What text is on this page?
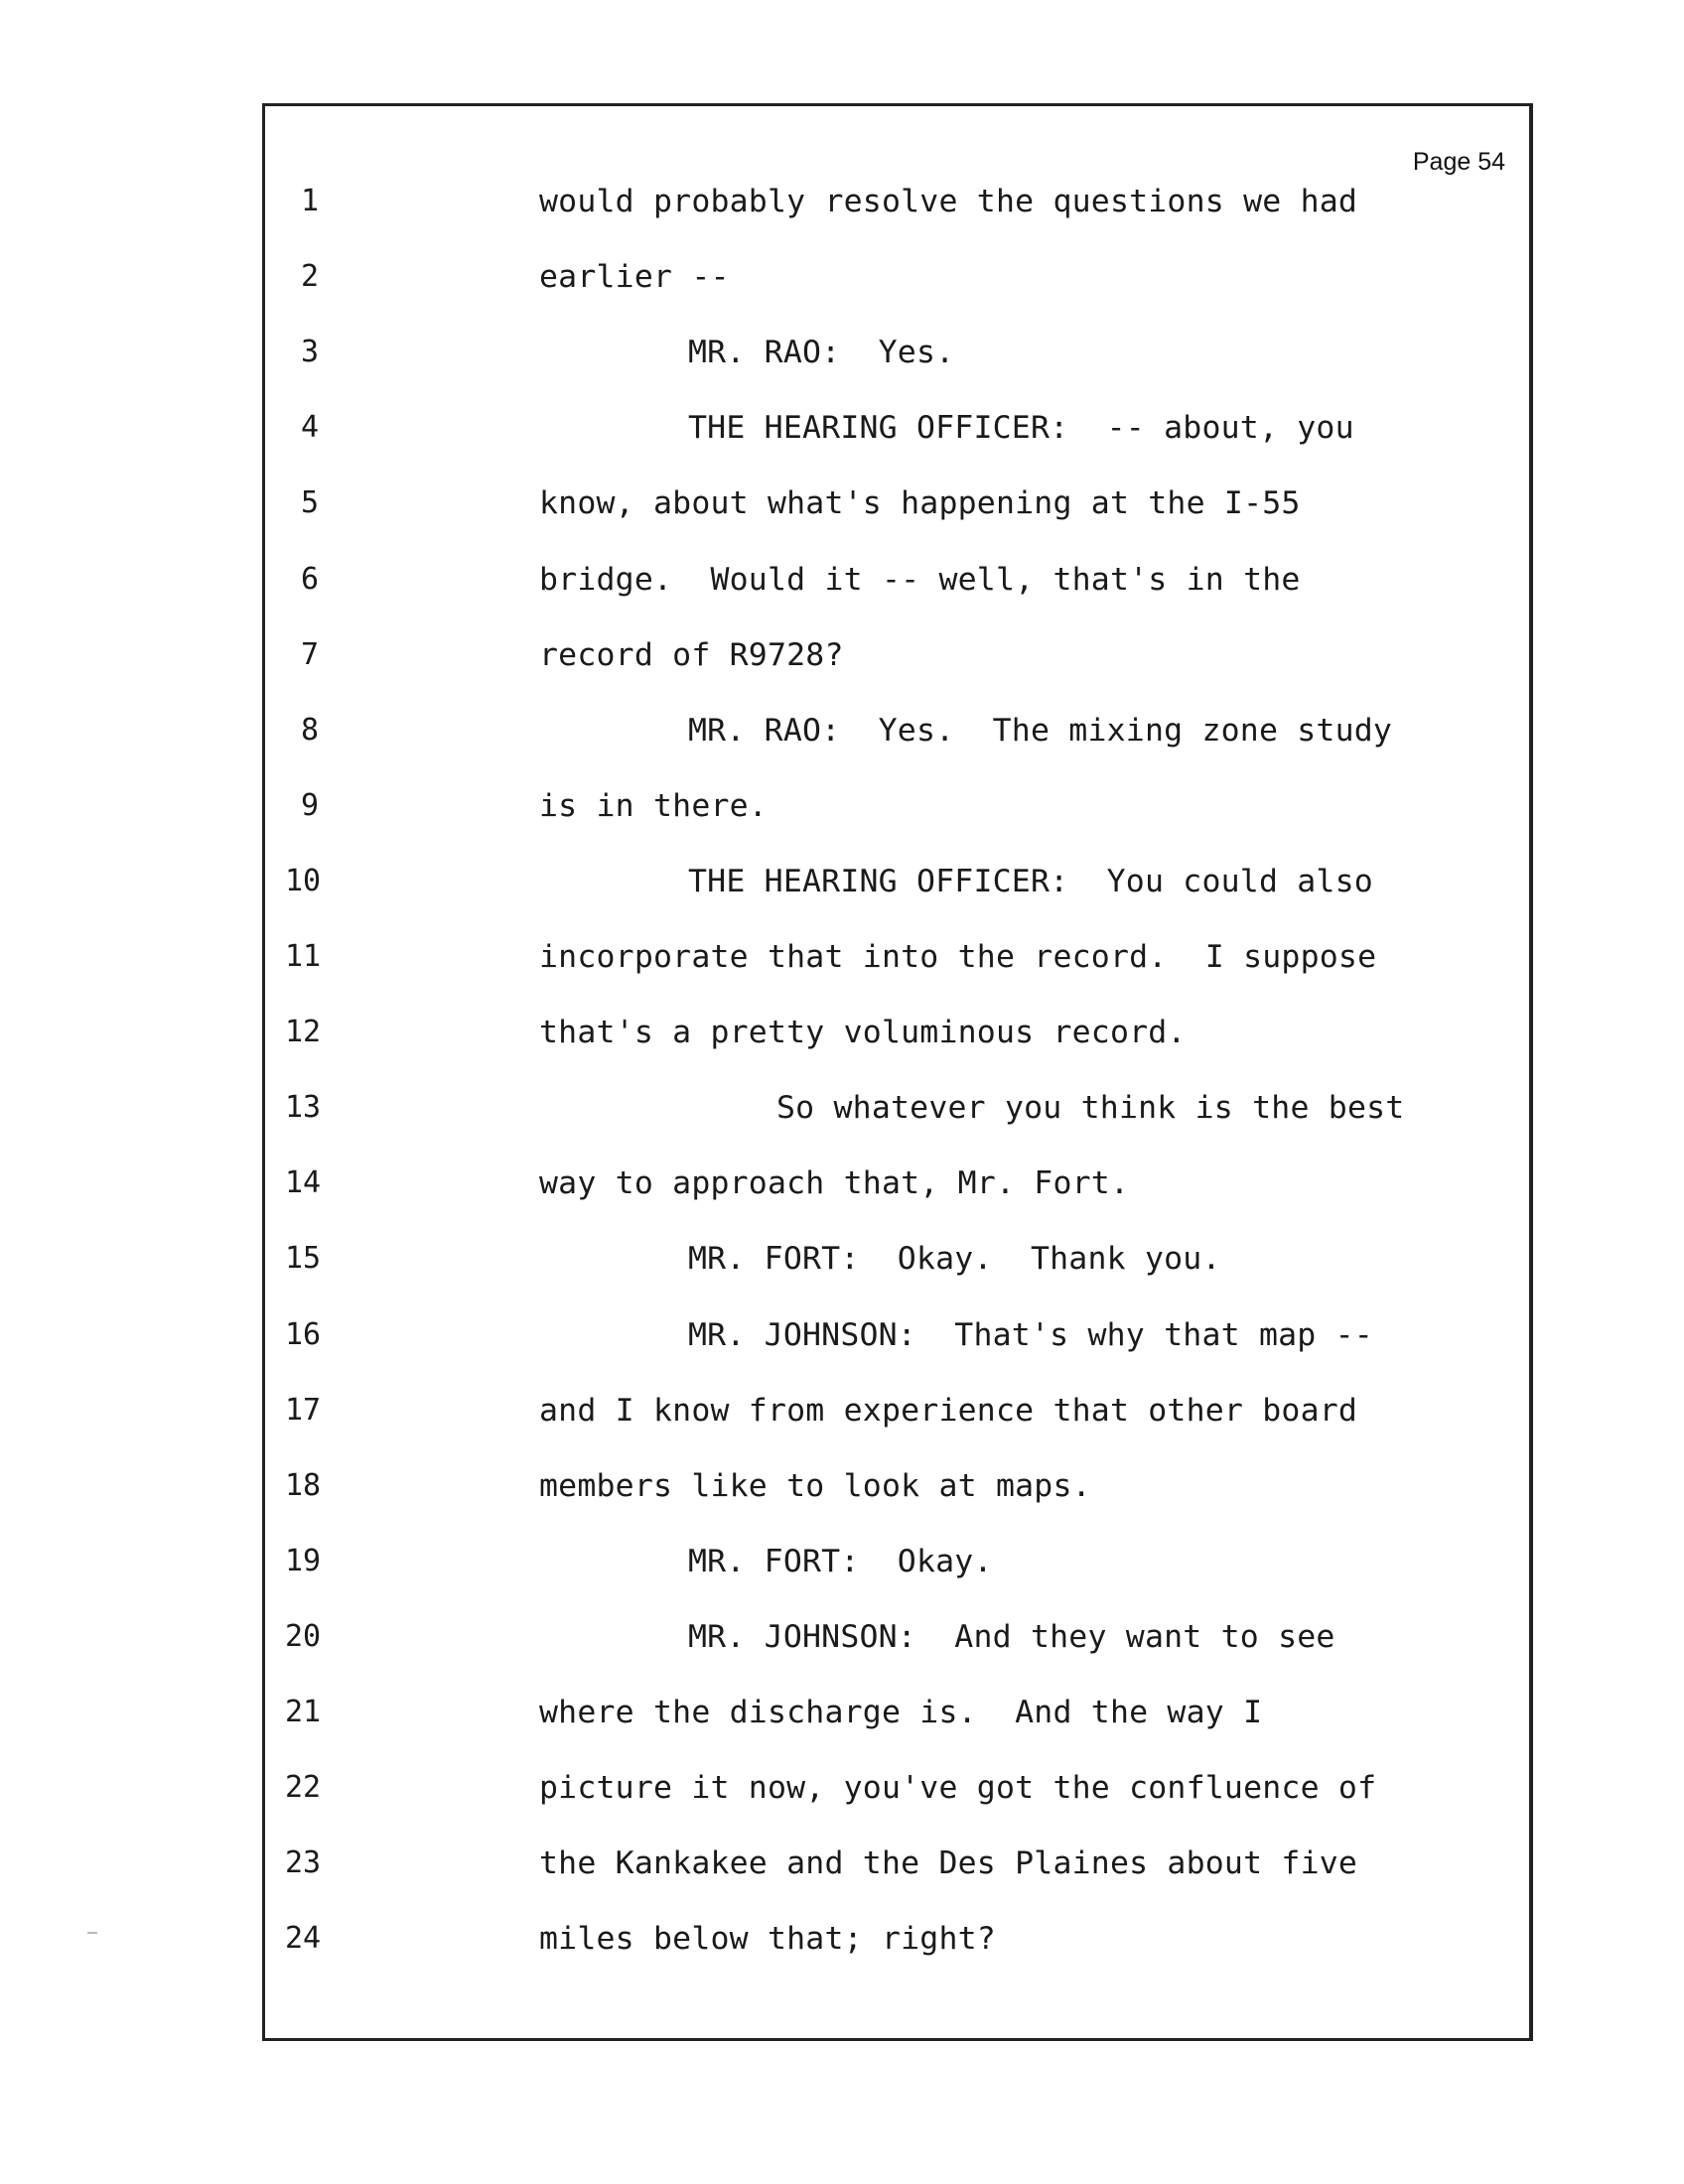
Page 54
1	would probably resolve the questions we had
2	earlier --
3	MR. RAO:  Yes.
4	THE HEARING OFFICER:  -- about, you
5	know, about what's happening at the I-55
6	bridge.  Would it -- well, that's in the
7	record of R9728?
8	MR. RAO:  Yes.  The mixing zone study
9	is in there.
10	THE HEARING OFFICER:  You could also
11	incorporate that into the record.  I suppose
12	that's a pretty voluminous record.
13	So whatever you think is the best
14	way to approach that, Mr. Fort.
15	MR. FORT:  Okay.  Thank you.
16	MR. JOHNSON:  That's why that map --
17	and I know from experience that other board
18	members like to look at maps.
19	MR. FORT:  Okay.
20	MR. JOHNSON:  And they want to see
21	where the discharge is.  And the way I
22	picture it now, you've got the confluence of
23	the Kankakee and the Des Plaines about five
24	miles below that; right?
